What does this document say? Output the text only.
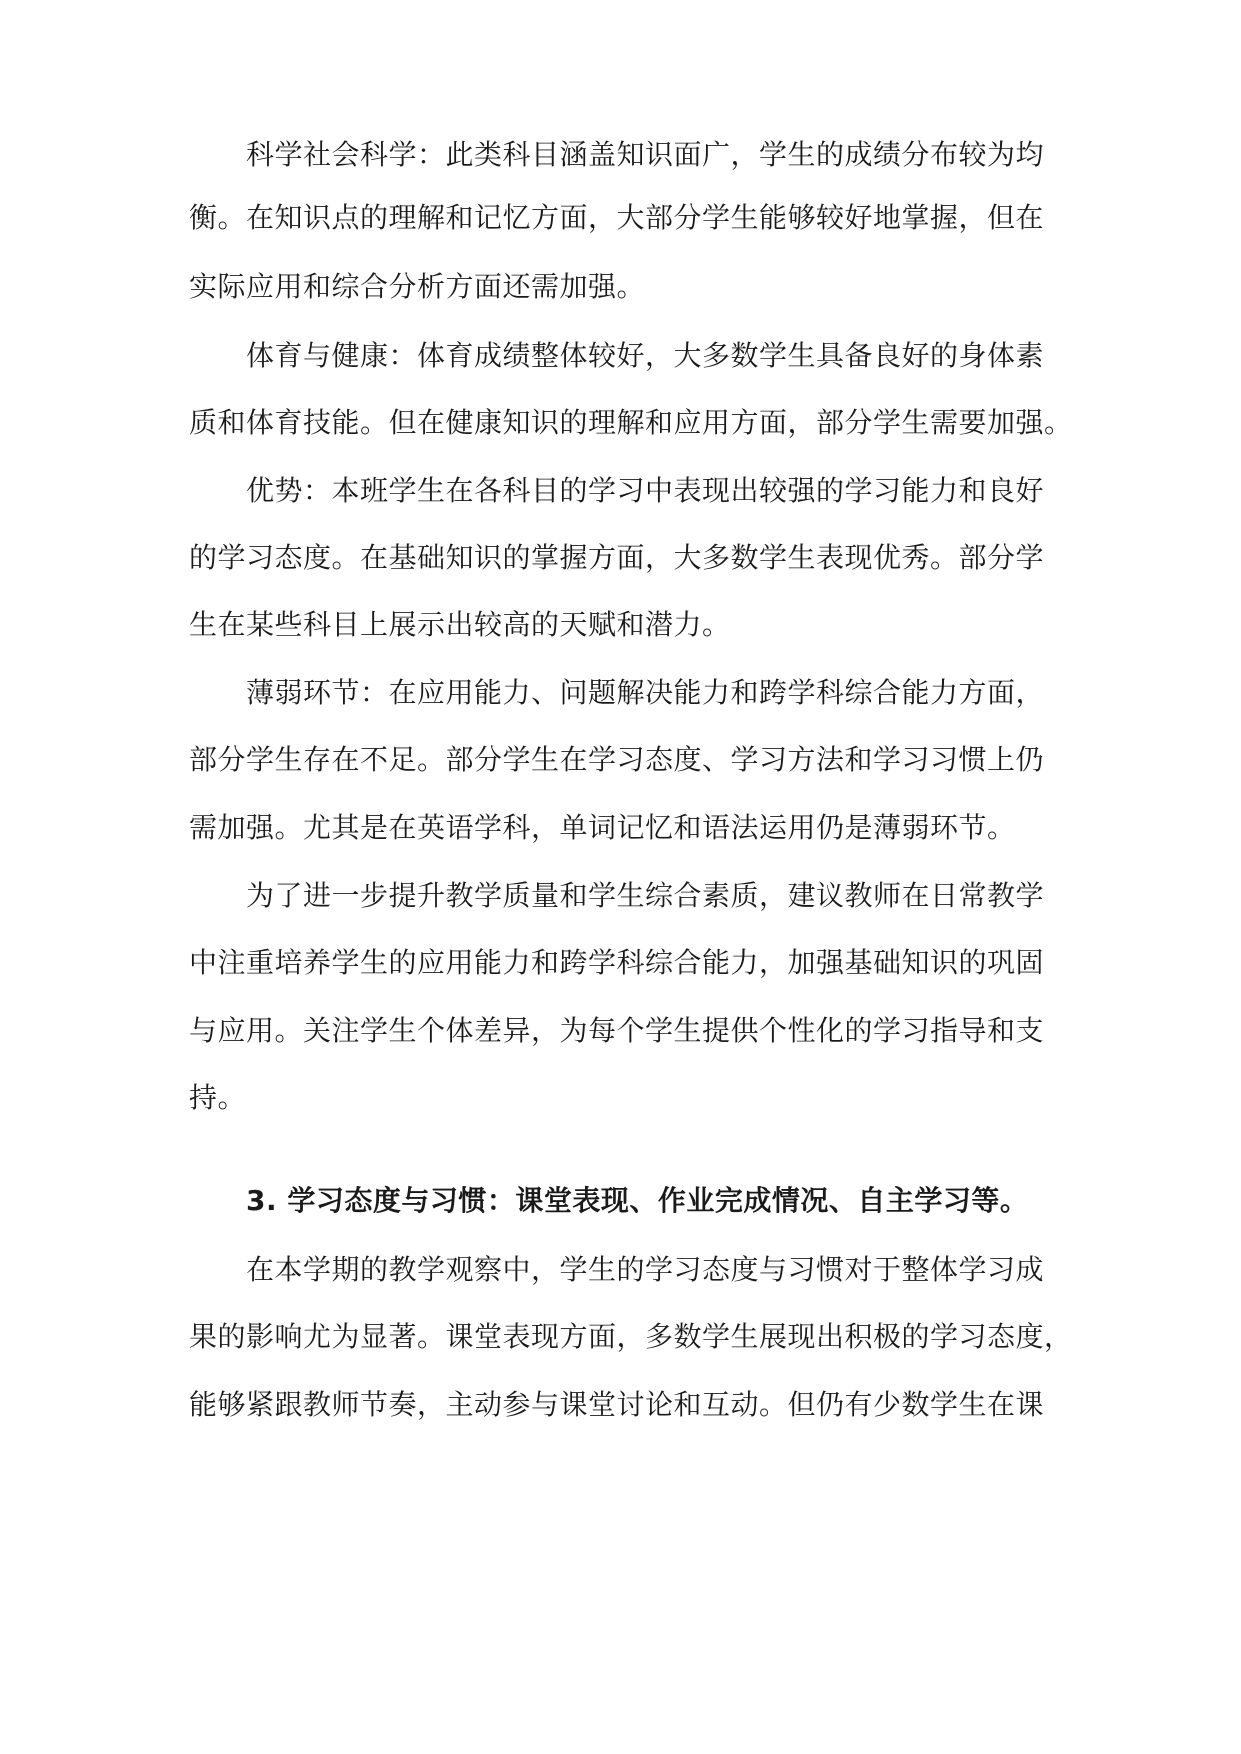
科学社会科学：此类科目涵盖知识面广，学生的成绩分布较为均
衡。在知识点的理解和记忆方面，大部分学生能够较好地掌握，但在
实际应用和综合分析方面还需加强。
体育与健康：体育成绩整体较好，大多数学生具备良好的身体素
质和体育技能。但在健康知识的理解和应用方面，部分学生需要加强。
优势：本班学生在各科目的学习中表现出较强的学习能力和良好
的学习态度。在基础知识的掌握方面，大多数学生表现优秀。部分学
生在某些科目上展示出较高的天赋和潜力。
薄弱环节：在应用能力、问题解决能力和跨学科综合能力方面，
部分学生存在不足。部分学生在学习态度、学习方法和学习习惯上仍
需加强。尤其是在英语学科，单词记忆和语法运用仍是薄弱环节。
为了进一步提升教学质量和学生综合素质，建议教师在日常教学
中注重培养学生的应用能力和跨学科综合能力，加强基础知识的巩固
与应用。关注学生个体差异，为每个学生提供个性化的学习指导和支
持。
3. 学习态度与习惯：课堂表现、作业完成情况、自主学习等。
在本学期的教学观察中，学生的学习态度与习惯对于整体学习成
果的影响尤为显著。课堂表现方面，多数学生展现出积极的学习态度，
能够紧跟教师节奏，主动参与课堂讨论和互动。但仍有少数学生在课
